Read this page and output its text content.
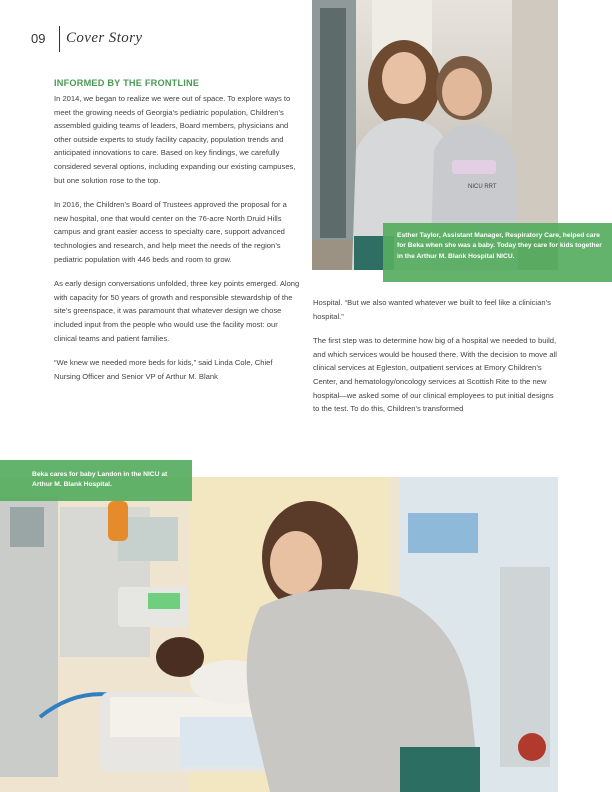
09 Cover Story
INFORMED BY THE FRONTLINE

In 2014, we began to realize we were out of space. To explore ways to meet the growing needs of Georgia’s pediatric population, Children’s assembled guiding teams of leaders, Board members, physicians and other outside experts to study facility capacity, population trends and anticipated innovations to care. Based on key findings, we carefully considered several options, including expanding our existing campuses, but one solution rose to the top.

In 2016, the Children’s Board of Trustees approved the proposal for a new hospital, one that would center on the 76-acre North Druid Hills campus and grant easier access to specialty care, support advanced technologies and research, and help meet the needs of the region’s pediatric population with 446 beds and room to grow.

As early design conversations unfolded, three key points emerged. Along with capacity for 50 years of growth and responsible stewardship of the site’s greenspace, it was paramount that whatever design we chose included input from the people who would use the facility most: our clinical teams and patient families.

“We knew we needed more beds for kids,” said Linda Cole, Chief Nursing Officer and Senior VP of Arthur M. Blank

Hospital. “But we also wanted whatever we built to feel like a clinician’s hospital.”

The first step was to determine how big of a hospital we needed to build, and which services would be housed there. With the decision to move all clinical services at Egleston, outpatient services at Emory Children’s Center, and hematology/oncology services at Scottish Rite to the new hospital—we asked some of our clinical employees to put initial designs to the test. To do this, Children’s transformed

NICU RRT
Esther Taylor, Assistant Manager, Respiratory Care, helped care for Beka when she was a baby. Today they care for kids together in the Arthur M. Blank Hospital NICU.
Beka cares for baby Landon in the NICU at Arthur M. Blank Hospital.
